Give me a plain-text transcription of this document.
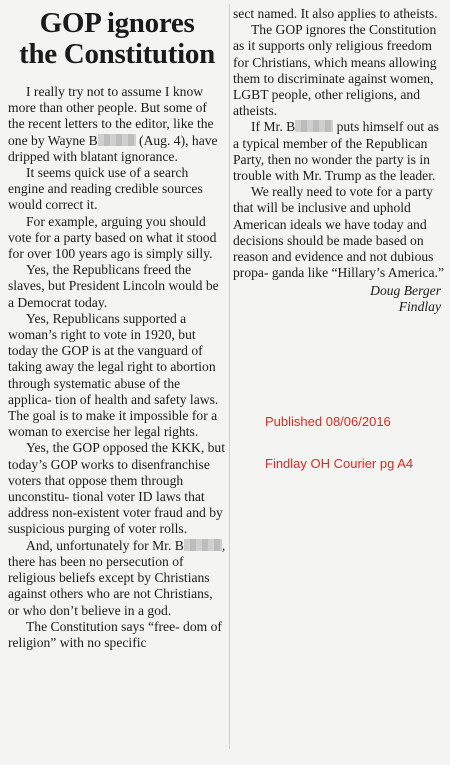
GOP ignores
the Constitution

I really try not to assume I know more than other people. But some of the recent letters to the editor, like the one by Wayne B	(Aug. 4), have dripped with blatant ignorance.

It seems quick use of a search engine and reading credible sources would correct it.

For example, arguing you should vote for a party based on what it stood for over 100 years ago is simply silly.

Yes, the Republicans freed the slaves, but President Lincoln would be a Democrat today.

Yes, Republicans supported a woman’s right to vote in 1920, but today the GOP is at the vanguard of taking away the legal right to abortion through systematic abuse of the applica- tion of health and safety laws. The goal is to make it impossible for a woman to exercise her legal rights.

Yes, the GOP opposed the KKK, but today’s GOP works to disenfranchise voters that oppose them through unconstitu- tional voter ID laws that address non-existent voter fraud and by suspicious purging of voter rolls.

And, unfortunately for Mr. B	, there has been no persecution of religious beliefs except by Christians against others who are not Christians, or who don’t believe in a god.

The Constitution says “free- dom of religion” with no specific

sect named. It also applies to atheists.

The GOP ignores the Constitution as it supports only religious freedom for Christians, which means allowing them to discriminate against women, LGBT people, other religions, and atheists.

If Mr. B	puts himself out as a typical member of the Republican Party, then no wonder the party is in trouble with Mr. Trump as the leader.

We really need to vote for a party that will be inclusive and uphold American ideals we have today and decisions should be made based on reason and evidence and not dubious propa- ganda like “Hillary’s America.”

Doug Berger
Findlay
Published 08/06/2016
Findlay OH Courier pg A4
